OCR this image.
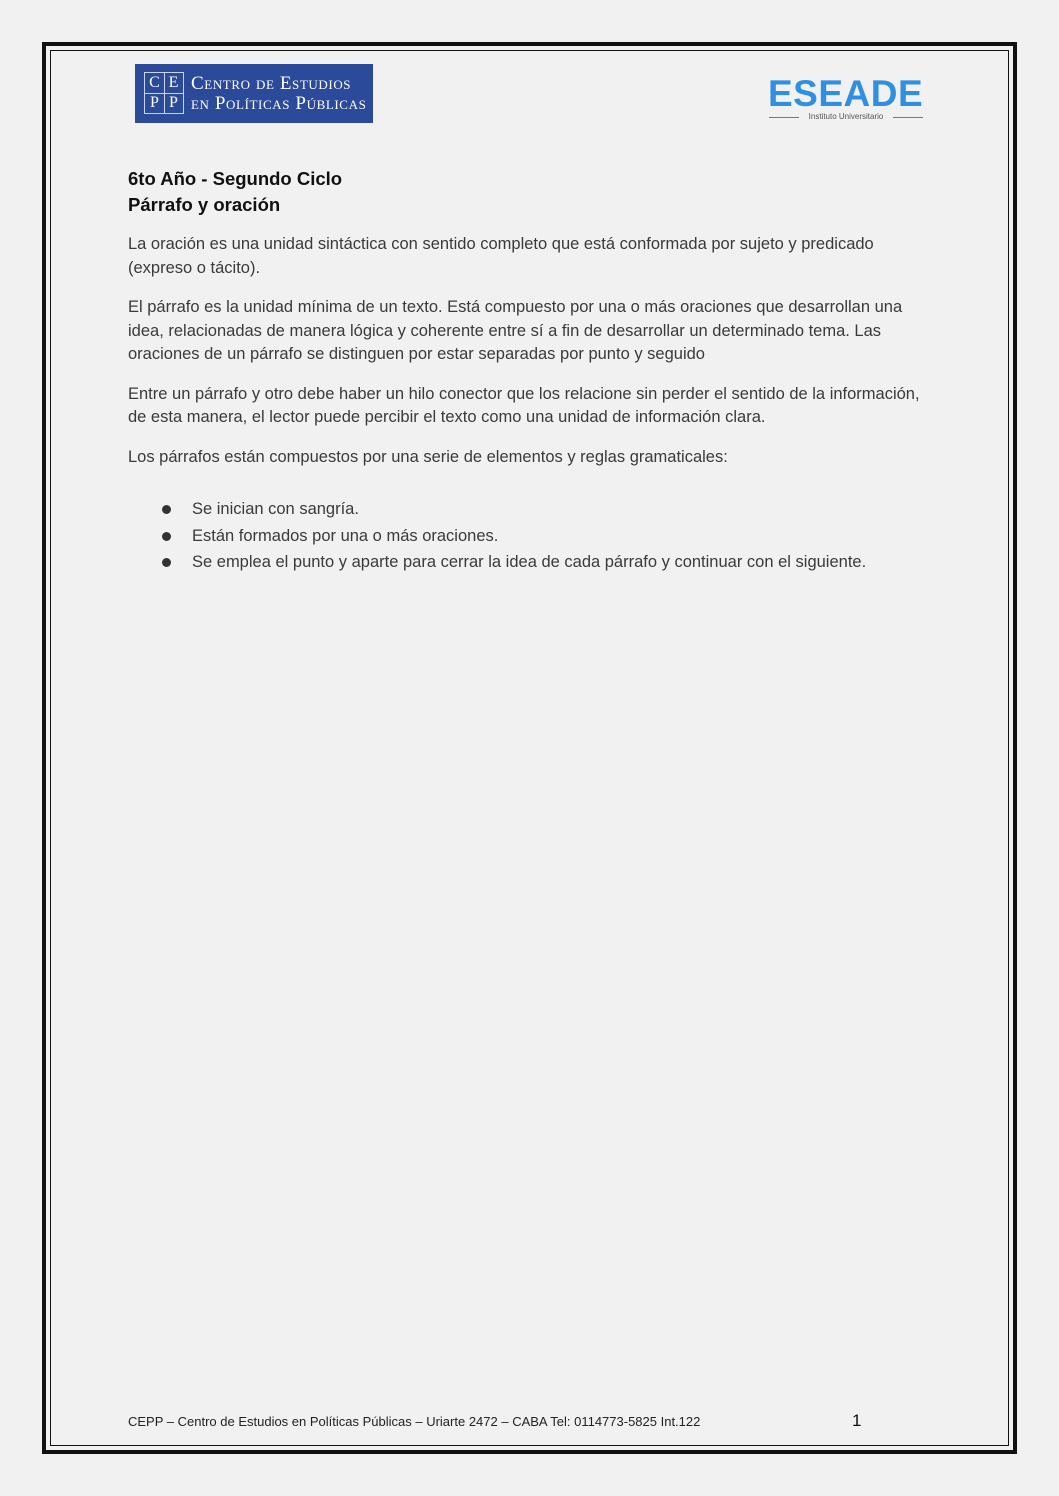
C E
P P
Centro de Estudios
en Políticas Públicas	ESEADE
Instituto Universitario
6to Año - Segundo Ciclo
Párrafo y oración

La oración es una unidad sintáctica con sentido completo que está conformada por sujeto y predicado (expreso o tácito).

El párrafo es la unidad mínima de un texto. Está compuesto por una o más oraciones que desarrollan una idea, relacionadas de manera lógica y coherente entre sí a fin de desarrollar un determinado tema. Las oraciones de un párrafo se distinguen por estar separadas por punto y seguido

Entre un párrafo y otro debe haber un hilo conector que los relacione sin perder el sentido de la información, de esta manera, el lector puede percibir el texto como una unidad de información clara.

Los párrafos están compuestos por una serie de elementos y reglas gramaticales:

Se inician con sangría.
Están formados por una o más oraciones.
Se emplea el punto y aparte para cerrar la idea de cada párrafo y continuar con el siguiente.
CEPP – Centro de Estudios en Políticas Públicas – Uriarte 2472 – CABA Tel: 0114773-5825 Int.122	1
